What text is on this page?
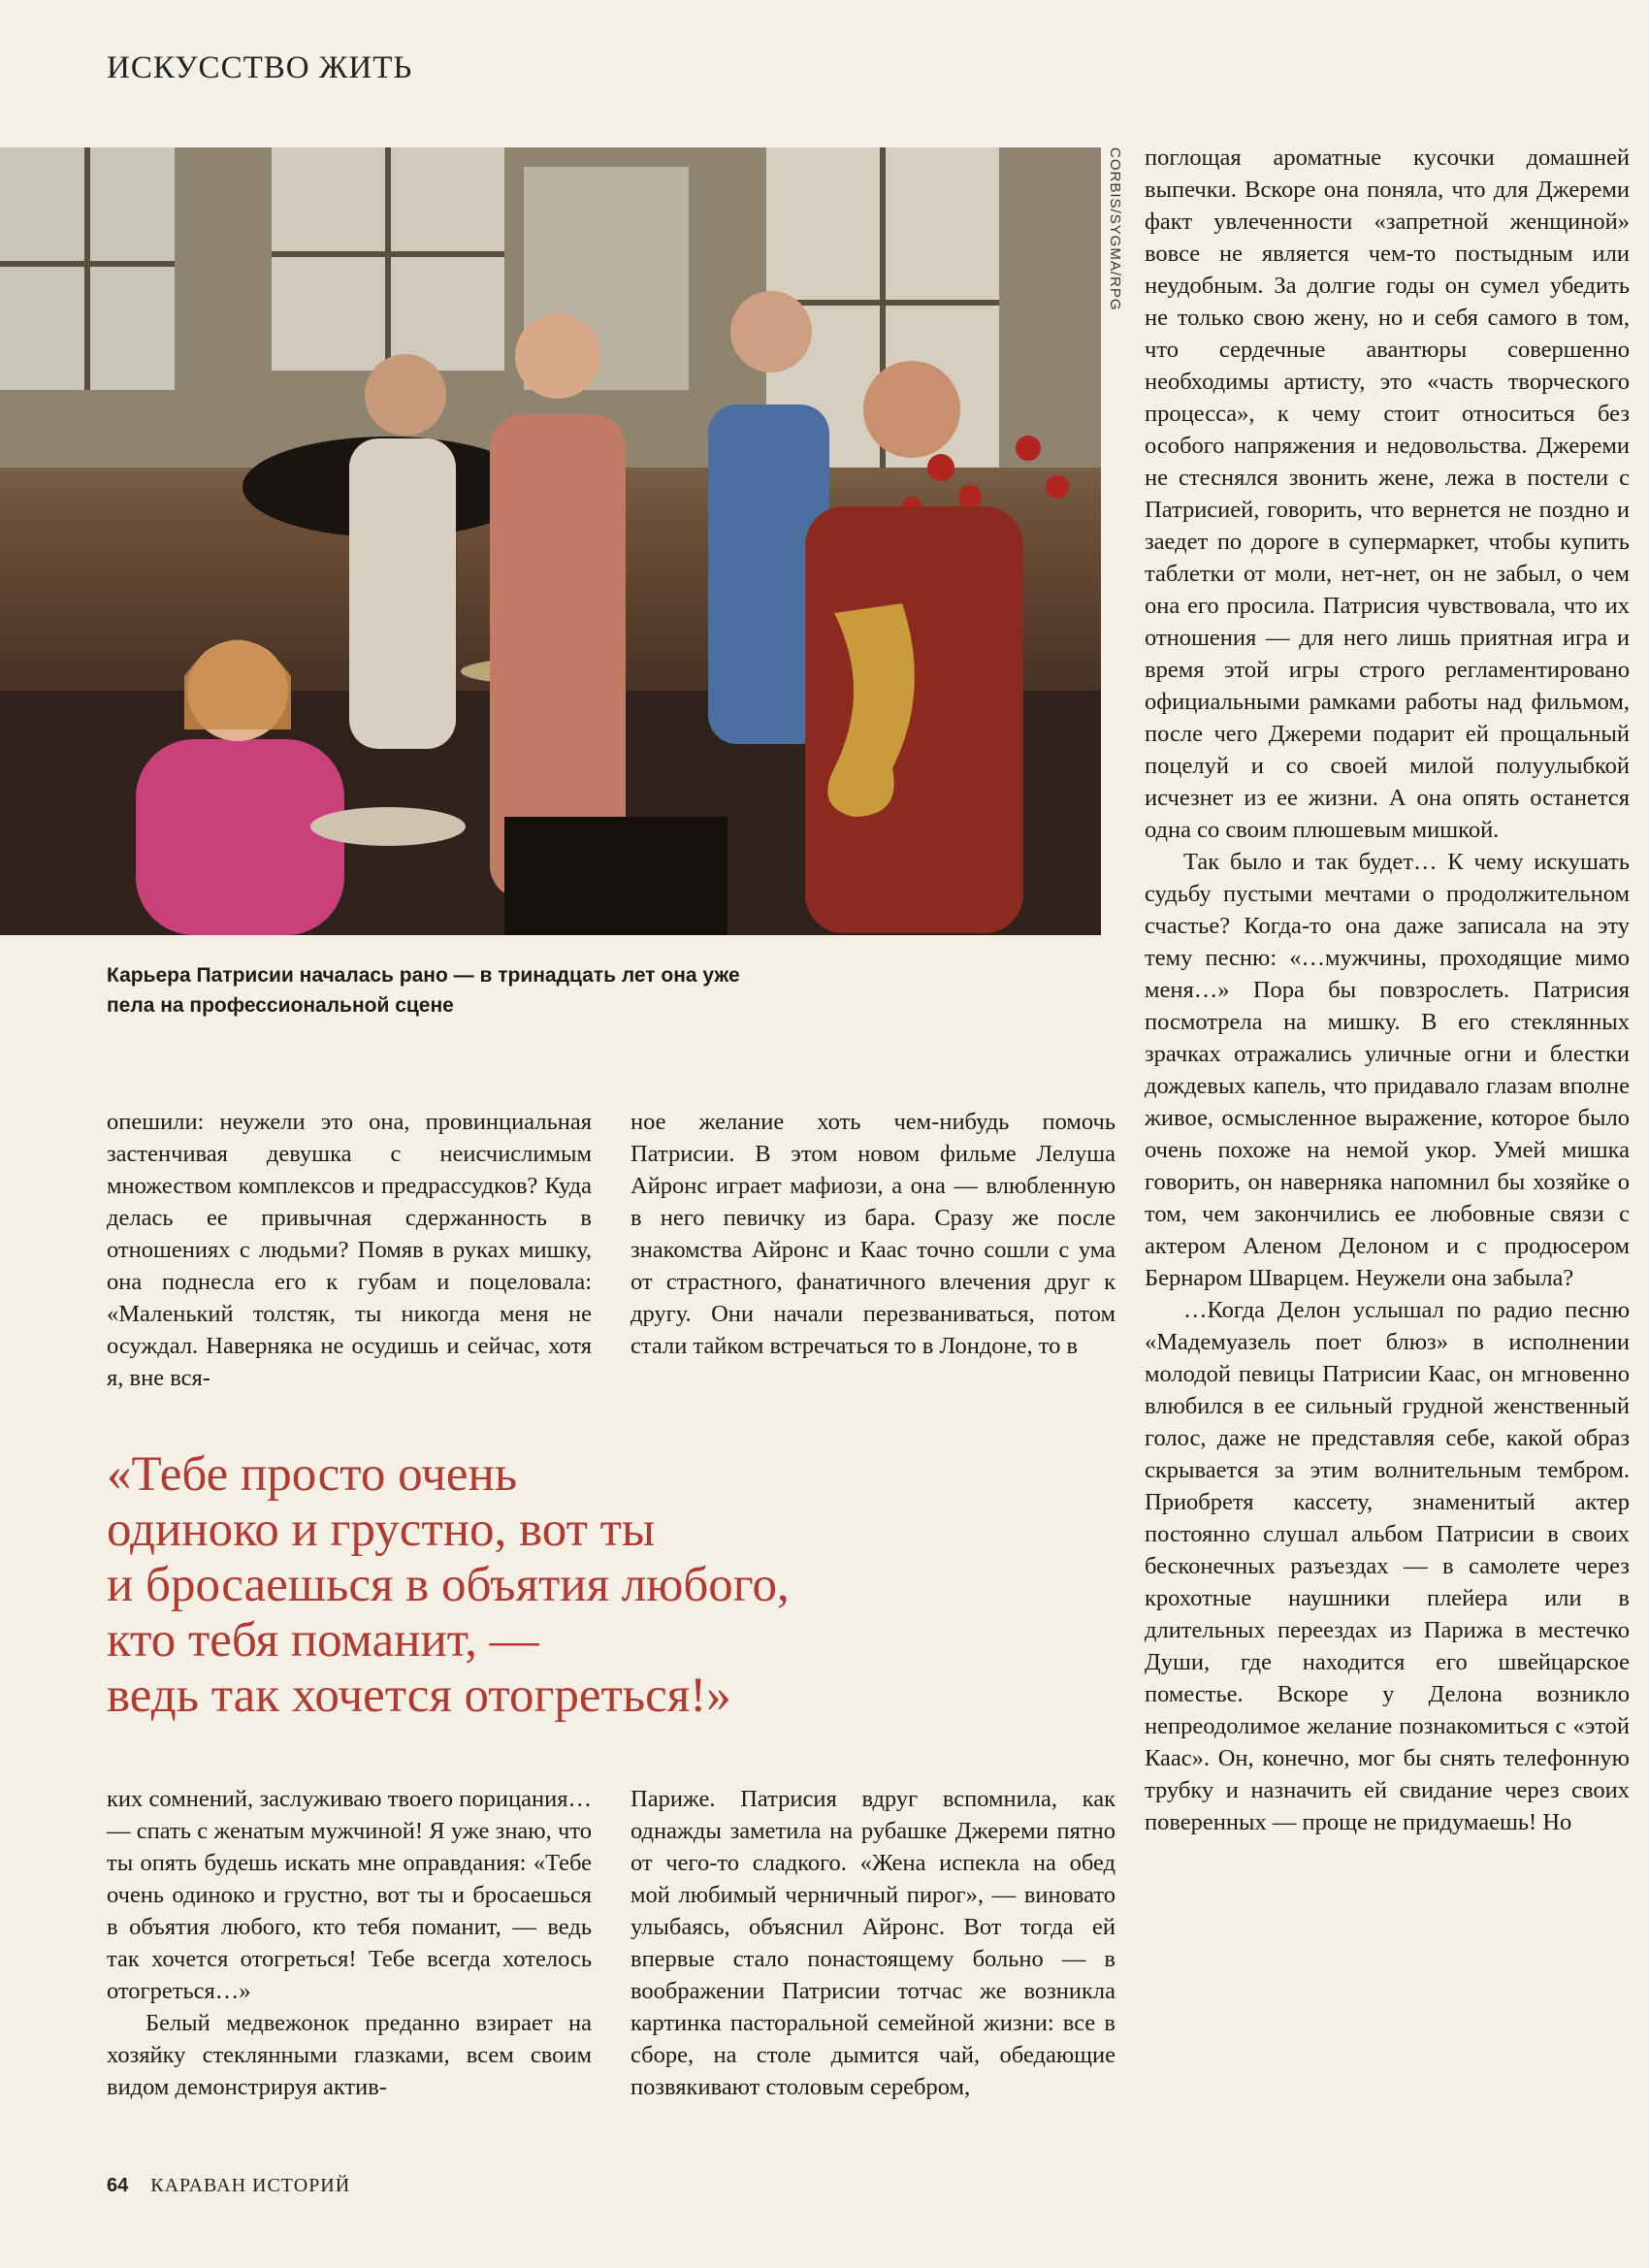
ИСКУССТВО ЖИТЬ
CORBIS/SYGMA/RPG
Карьера Патрисии началась рано — в тринадцать лет она уже пела на профессиональной сцене

поглощая ароматные кусочки домашней выпечки. Вскоре она поняла, что для Джереми факт увлеченности «запретной женщиной» вовсе не является чем-то постыдным или неудобным. За долгие годы он сумел убедить не только свою жену, но и себя самого в том, что сердечные авантюры совершенно необходимы артисту, это «часть творческого процесса», к чему стоит относиться без особого напряжения и недовольства. Джереми не стеснялся звонить жене, лежа в постели с Патрисией, говорить, что вернется не поздно и заедет по дороге в супермаркет, чтобы купить таблетки от моли, нет-нет, он не забыл, о чем она его просила. Патрисия чувствовала, что их отношения — для него лишь приятная игра и время этой игры строго регламентировано официальными рамками работы над фильмом, после чего Джереми подарит ей прощальный поцелуй и со своей милой полуулыбкой исчезнет из ее жизни. А она опять останется одна со своим плюшевым мишкой.

Так было и так будет… К чему искушать судьбу пустыми мечтами о продолжительном счастье? Когда-то она даже записала на эту тему песню: «…мужчины, проходящие мимо меня…» Пора бы повзрослеть. Патрисия посмотрела на мишку. В его стеклянных зрачках отражались уличные огни и блестки дождевых капель, что придавало глазам вполне живое, осмысленное выражение, которое было очень похоже на немой укор. Умей мишка говорить, он наверняка напомнил бы хозяйке о том, чем закончились ее любовные связи с актером Аленом Делоном и с продюсером Бернаром Шварцем. Неужели она забыла?

…Когда Делон услышал по радио песню «Мадемуазель поет блюз» в исполнении молодой певицы Патрисии Каас, он мгновенно влюбился в ее сильный грудной женственный голос, даже не представляя себе, какой образ скрывается за этим волнительным тембром. Приобретя кассету, знаменитый актер постоянно слушал альбом Патрисии в своих бесконечных разъездах — в самолете через крохотные наушники плейера или в длительных переездах из Парижа в местечко Души, где находится его швейцарское поместье. Вскоре у Делона возникло непреодолимое желание познакомиться с «этой Каас». Он, конечно, мог бы снять телефонную трубку и назначить ей свидание через своих поверенных — проще не придумаешь! Но

опешили: неужели это она, провинциальная застенчивая девушка с неисчислимым множеством комплексов и предрассудков? Куда делась ее привычная сдержанность в отношениях с людьми? Помяв в руках мишку, она поднесла его к губам и поцеловала: «Маленький толстяк, ты никогда меня не осуждал. Наверняка не осудишь и сейчас, хотя я, вне вся-

ное желание хоть чем-нибудь помочь Патрисии. В этом новом фильме Лелуша Айронс играет мафиози, а она — влюбленную в него певичку из бара. Сразу же после знакомства Айронс и Каас точно сошли с ума от страстного, фанатичного влечения друг к другу. Они начали перезваниваться, потом стали тайком встречаться то в Лондоне, то в

«Тебе просто очень
одиноко и грустно, вот ты
и бросаешься в объятия любого,
кто тебя поманит, —
ведь так хочется отогреться!»

ких сомнений, заслуживаю твоего порицания… — спать с женатым мужчиной! Я уже знаю, что ты опять будешь искать мне оправдания: «Тебе очень одиноко и грустно, вот ты и бросаешься в объятия любого, кто тебя поманит, — ведь так хочется отогреться! Тебе всегда хотелось отогреться…»

Белый медвежонок преданно взирает на хозяйку стеклянными глазками, всем своим видом демонстрируя актив-

Париже. Патрисия вдруг вспомнила, как однажды заметила на рубашке Джереми пятно от чего-то сладкого. «Жена испекла на обед мой любимый черничный пирог», — виновато улыбаясь, объяснил Айронс. Вот тогда ей впервые стало понастоящему больно — в воображении Патрисии тотчас же возникла картинка пасторальной семейной жизни: все в сборе, на столе дымится чай, обедающие позвякивают столовым серебром,

64 КАРАВАН ИСТОРИЙ
